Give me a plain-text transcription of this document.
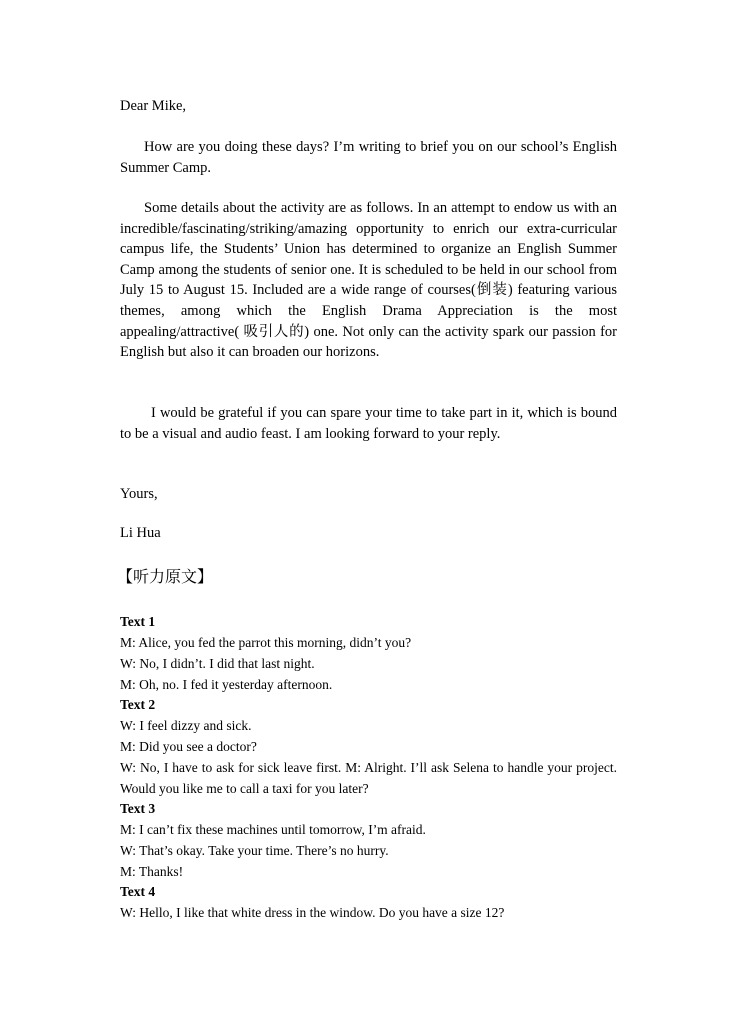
Dear Mike,

How are you doing these days? I’m writing to brief you on our school’s English Summer Camp.

Some details about the activity are as follows. In an attempt to endow us with an incredible/fascinating/striking/amazing opportunity to enrich our extra-curricular campus life, the Students’ Union has determined to organize an English Summer Camp among the students of senior one. It is scheduled to be held in our school from July 15 to August 15. Included are a wide range of courses(倒装) featuring various themes, among which the English Drama Appreciation is the most appealing/attractive( 吸引人的) one. Not only can the activity spark our passion for English but also it can broaden our horizons.

I would be grateful if you can spare your time to take part in it, which is bound to be a visual and audio feast. I am looking forward to your reply.

Yours,

Li Hua

【听力原文】

Text 1

M: Alice, you fed the parrot this morning, didn’t you?

W: No, I didn’t. I did that last night.

M: Oh, no. I fed it yesterday afternoon.

Text 2

W: I feel dizzy and sick.

M: Did you see a doctor?

W: No, I have to ask for sick leave first. M: Alright. I’ll ask Selena to handle your project. Would you like me to call a taxi for you later?

Text 3

M: I can’t fix these machines until tomorrow, I’m afraid.

W: That’s okay. Take your time. There’s no hurry.

M: Thanks!

Text 4

W: Hello, I like that white dress in the window. Do you have a size 12?
